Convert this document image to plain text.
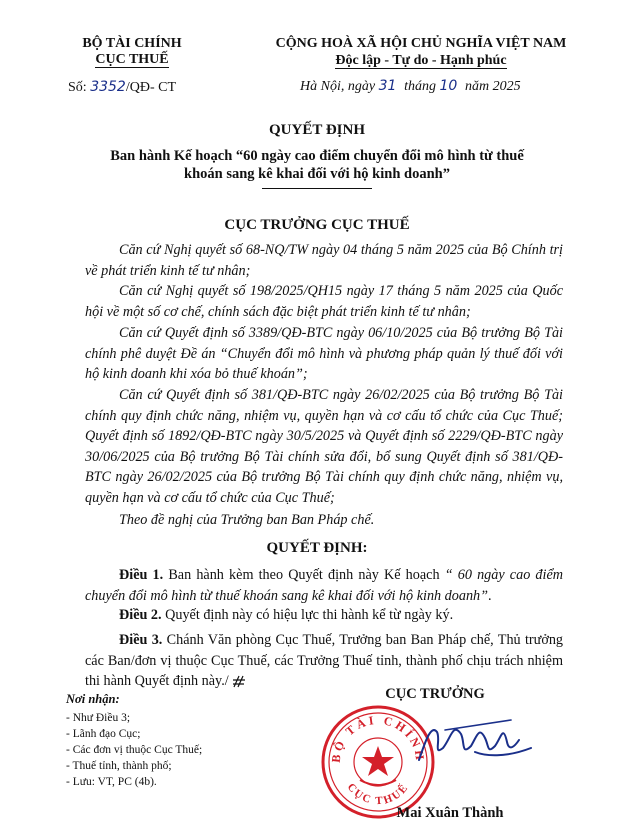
BỘ TÀI CHÍNH
CỤC THUẾ
Số: 3352/QĐ- CT
CỘNG HOÀ XÃ HỘI CHỦ NGHĨA VIỆT NAM
Độc lập - Tự do - Hạnh phúc
Hà Nội, ngày 31 tháng 10 năm 2025
QUYẾT ĐỊNH
Ban hành Kế hoạch “60 ngày cao điểm chuyển đổi mô hình từ thuế
khoán sang kê khai đối với hộ kinh doanh”
CỤC TRƯỞNG CỤC THUẾ
Căn cứ Nghị quyết số 68-NQ/TW ngày 04 tháng 5 năm 2025 của Bộ Chính trị về phát triển kinh tế tư nhân;
Căn cứ Nghị quyết số 198/2025/QH15 ngày 17 tháng 5 năm 2025 của Quốc hội về một số cơ chế, chính sách đặc biệt phát triển kinh tế tư nhân;
Căn cứ Quyết định số 3389/QĐ-BTC ngày 06/10/2025 của Bộ trưởng Bộ Tài chính phê duyệt Đề án “Chuyển đổi mô hình và phương pháp quản lý thuế đối với hộ kinh doanh khi xóa bỏ thuế khoán”;
Căn cứ Quyết định số 381/QĐ-BTC ngày 26/02/2025 của Bộ trưởng Bộ Tài chính quy định chức năng, nhiệm vụ, quyền hạn và cơ cấu tổ chức của Cục Thuế; Quyết định số 1892/QĐ-BTC ngày 30/5/2025 và Quyết định số 2229/QĐ-BTC ngày 30/06/2025 của Bộ trưởng Bộ Tài chính sửa đổi, bổ sung Quyết định số 381/QĐ-BTC ngày 26/02/2025 của Bộ trưởng Bộ Tài chính quy định chức năng, nhiệm vụ, quyền hạn và cơ cấu tổ chức của Cục Thuế;
Theo đề nghị của Trưởng ban Ban Pháp chế.
QUYẾT ĐỊNH:
Điều 1. Ban hành kèm theo Quyết định này Kế hoạch “ 60 ngày cao điểm chuyển đổi mô hình từ thuế khoán sang kê khai đối với hộ kinh doanh”.
Điều 2. Quyết định này có hiệu lực thi hành kể từ ngày ký.
Điều 3. Chánh Văn phòng Cục Thuế, Trưởng ban Ban Pháp chế, Thủ trưởng các Ban/đơn vị thuộc Cục Thuế, các Trưởng Thuế tỉnh, thành phố chịu trách nhiệm thi hành Quyết định này./
Nơi nhận:
- Như Điều 3;
- Lãnh đạo Cục;
- Các đơn vị thuộc Cục Thuế;
- Thuế tỉnh, thành phố;
- Lưu: VT, PC (4b).
CỤC TRƯỞNG
BỘ TÀI CHÍNH
CỤC THUẾ
Mai Xuân Thành
